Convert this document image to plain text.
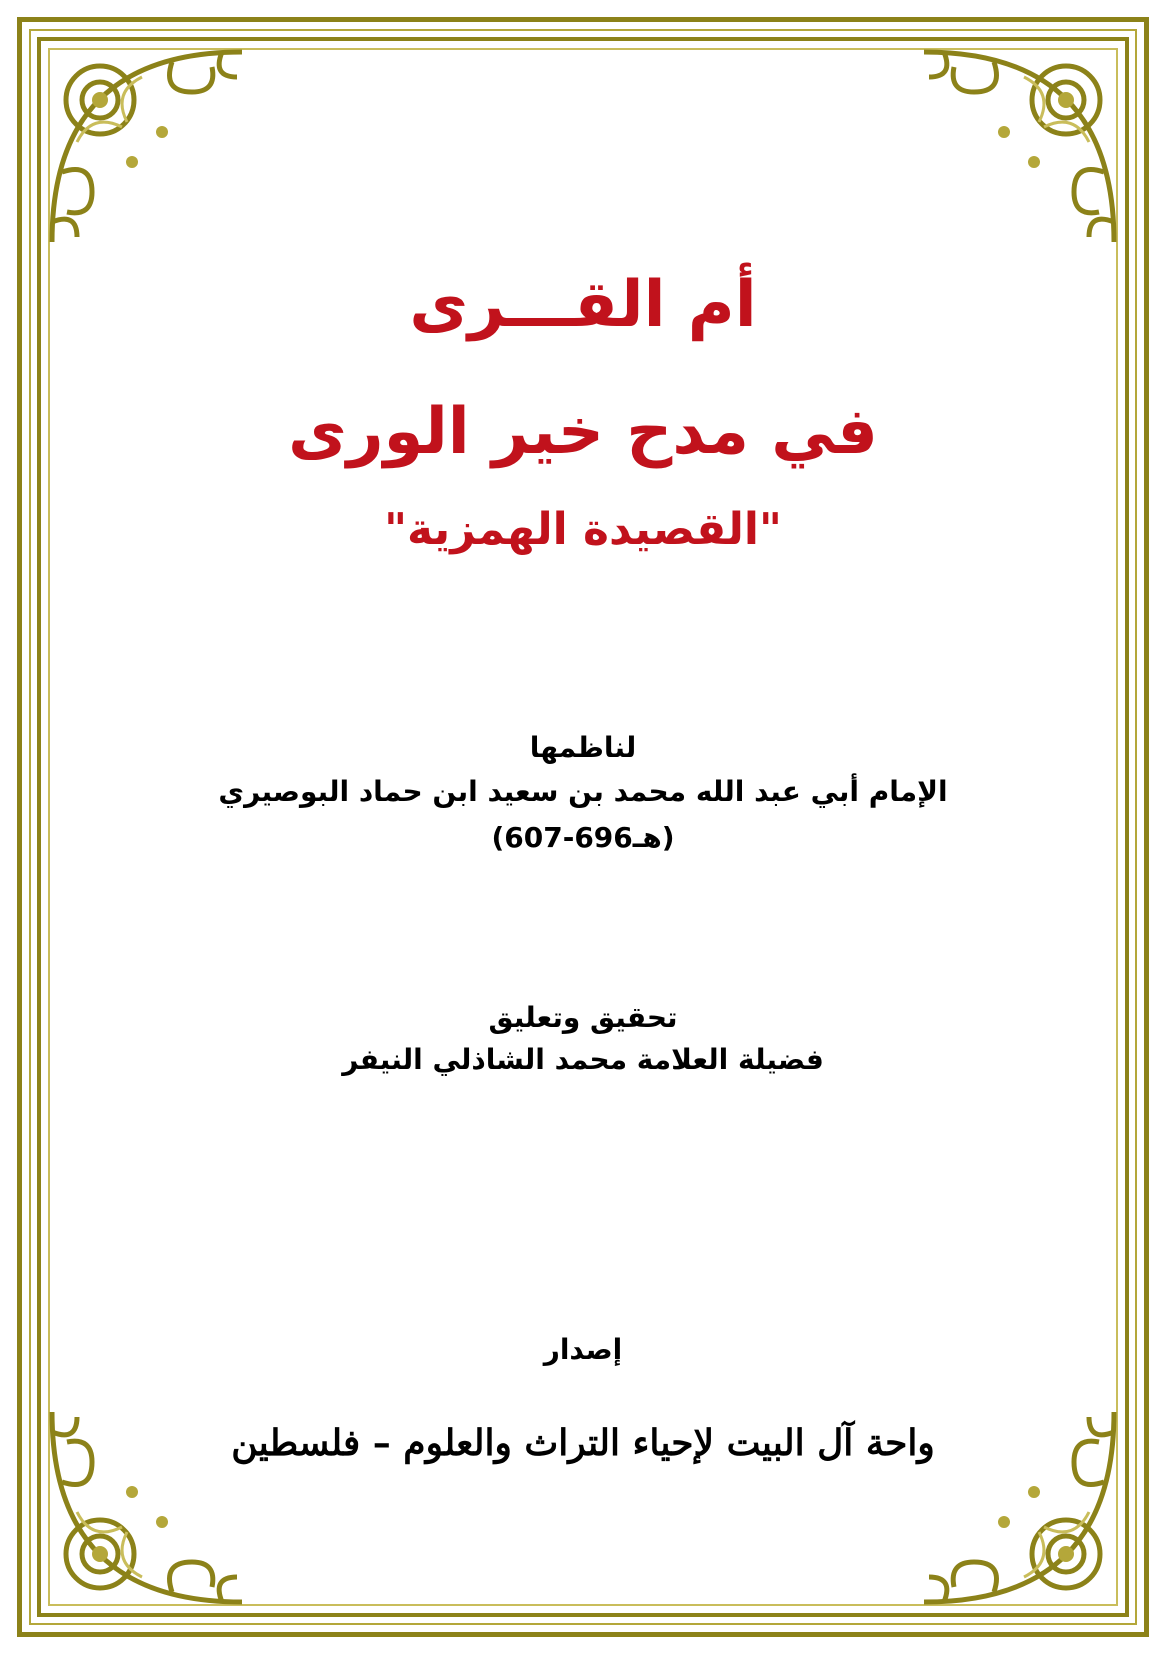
أم القـــرى
في مدح خير الورى
"القصيدة الهمزية"
لناظمها
الإمام أبي عبد الله محمد بن سعيد ابن حماد البوصيري
(607-696هـ)
تحقيق وتعليق
فضيلة العلامة محمد الشاذلي النيفر
إصدار
واحة آل البيت لإحياء التراث والعلوم – فلسطين
